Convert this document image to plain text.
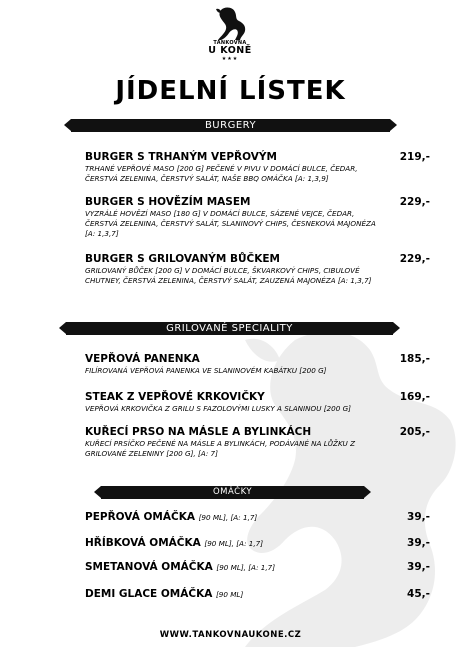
TANKOVNA
U KONĚ
★★★
JÍDELNÍ LÍSTEK
BURGERY
BURGER S TRHANÝM VEPŘOVÝM
TRHANÉ VEPŘOVÉ MASO [200 G] PEČENÉ V PIVU V DOMÁCÍ BULCE, ČEDAR, ČERSTVÁ ZELENINA, ČERSTVÝ SALÁT, NAŠE BBQ OMÁČKA [A: 1,3,9]
219,-
BURGER S HOVĚZÍM MASEM
VYZRÁLÉ HOVĚZÍ MASO [180 G] V DOMÁCÍ BULCE, SÁZENÉ VEJCE, ČEDAR, ČERSTVÁ ZELENINA, ČERSTVÝ SALÁT, SLANINOVÝ CHIPS, ČESNEKOVÁ MAJONÉZA [A: 1,3,7]
229,-
BURGER S GRILOVANÝM BŮČKEM
GRILOVANÝ BŮČEK [200 G] V DOMÁCÍ BULCE, ŠKVARKOVÝ CHIPS, CIBULOVÉ CHUTNEY, ČERSTVÁ ZELENINA, ČERSTVÝ SALÁT, ZAUZENÁ MAJONÉZA [A: 1,3,7]
229,-
GRILOVANÉ SPECIALITY
VEPŘOVÁ PANENKA
FILÍROVANÁ VEPŘOVÁ PANENKA VE SLANINOVÉM KABÁTKU [200 G]
185,-
STEAK Z VEPŘOVÉ KRKOVIČKY
VEPŘOVÁ KRKOVIČKA Z GRILU S FAZOLOVÝMI LUSKY A SLANINOU [200 G]
169,-
KUŘECÍ PRSO NA MÁSLE A BYLINKÁCH
KUŘECÍ PRSÍČKO PEČENÉ NA MÁSLE A BYLINKÁCH, PODÁVANÉ NA LŮŽKU Z GRILOVANÉ ZELENINY [200 G], [A: 7]
205,-
OMÁČKY
PEPŘOVÁ OMÁČKA [90 ML], [A: 1,7]	39,-
HŘÍBKOVÁ OMÁČKA [90 ML], [A: 1,7]	39,-
SMETANOVÁ OMÁČKA [90 ML], [A: 1,7]	39,-
DEMI GLACE OMÁČKA [90 ML]	45,-
WWW.TANKOVNAUKONE.CZ
